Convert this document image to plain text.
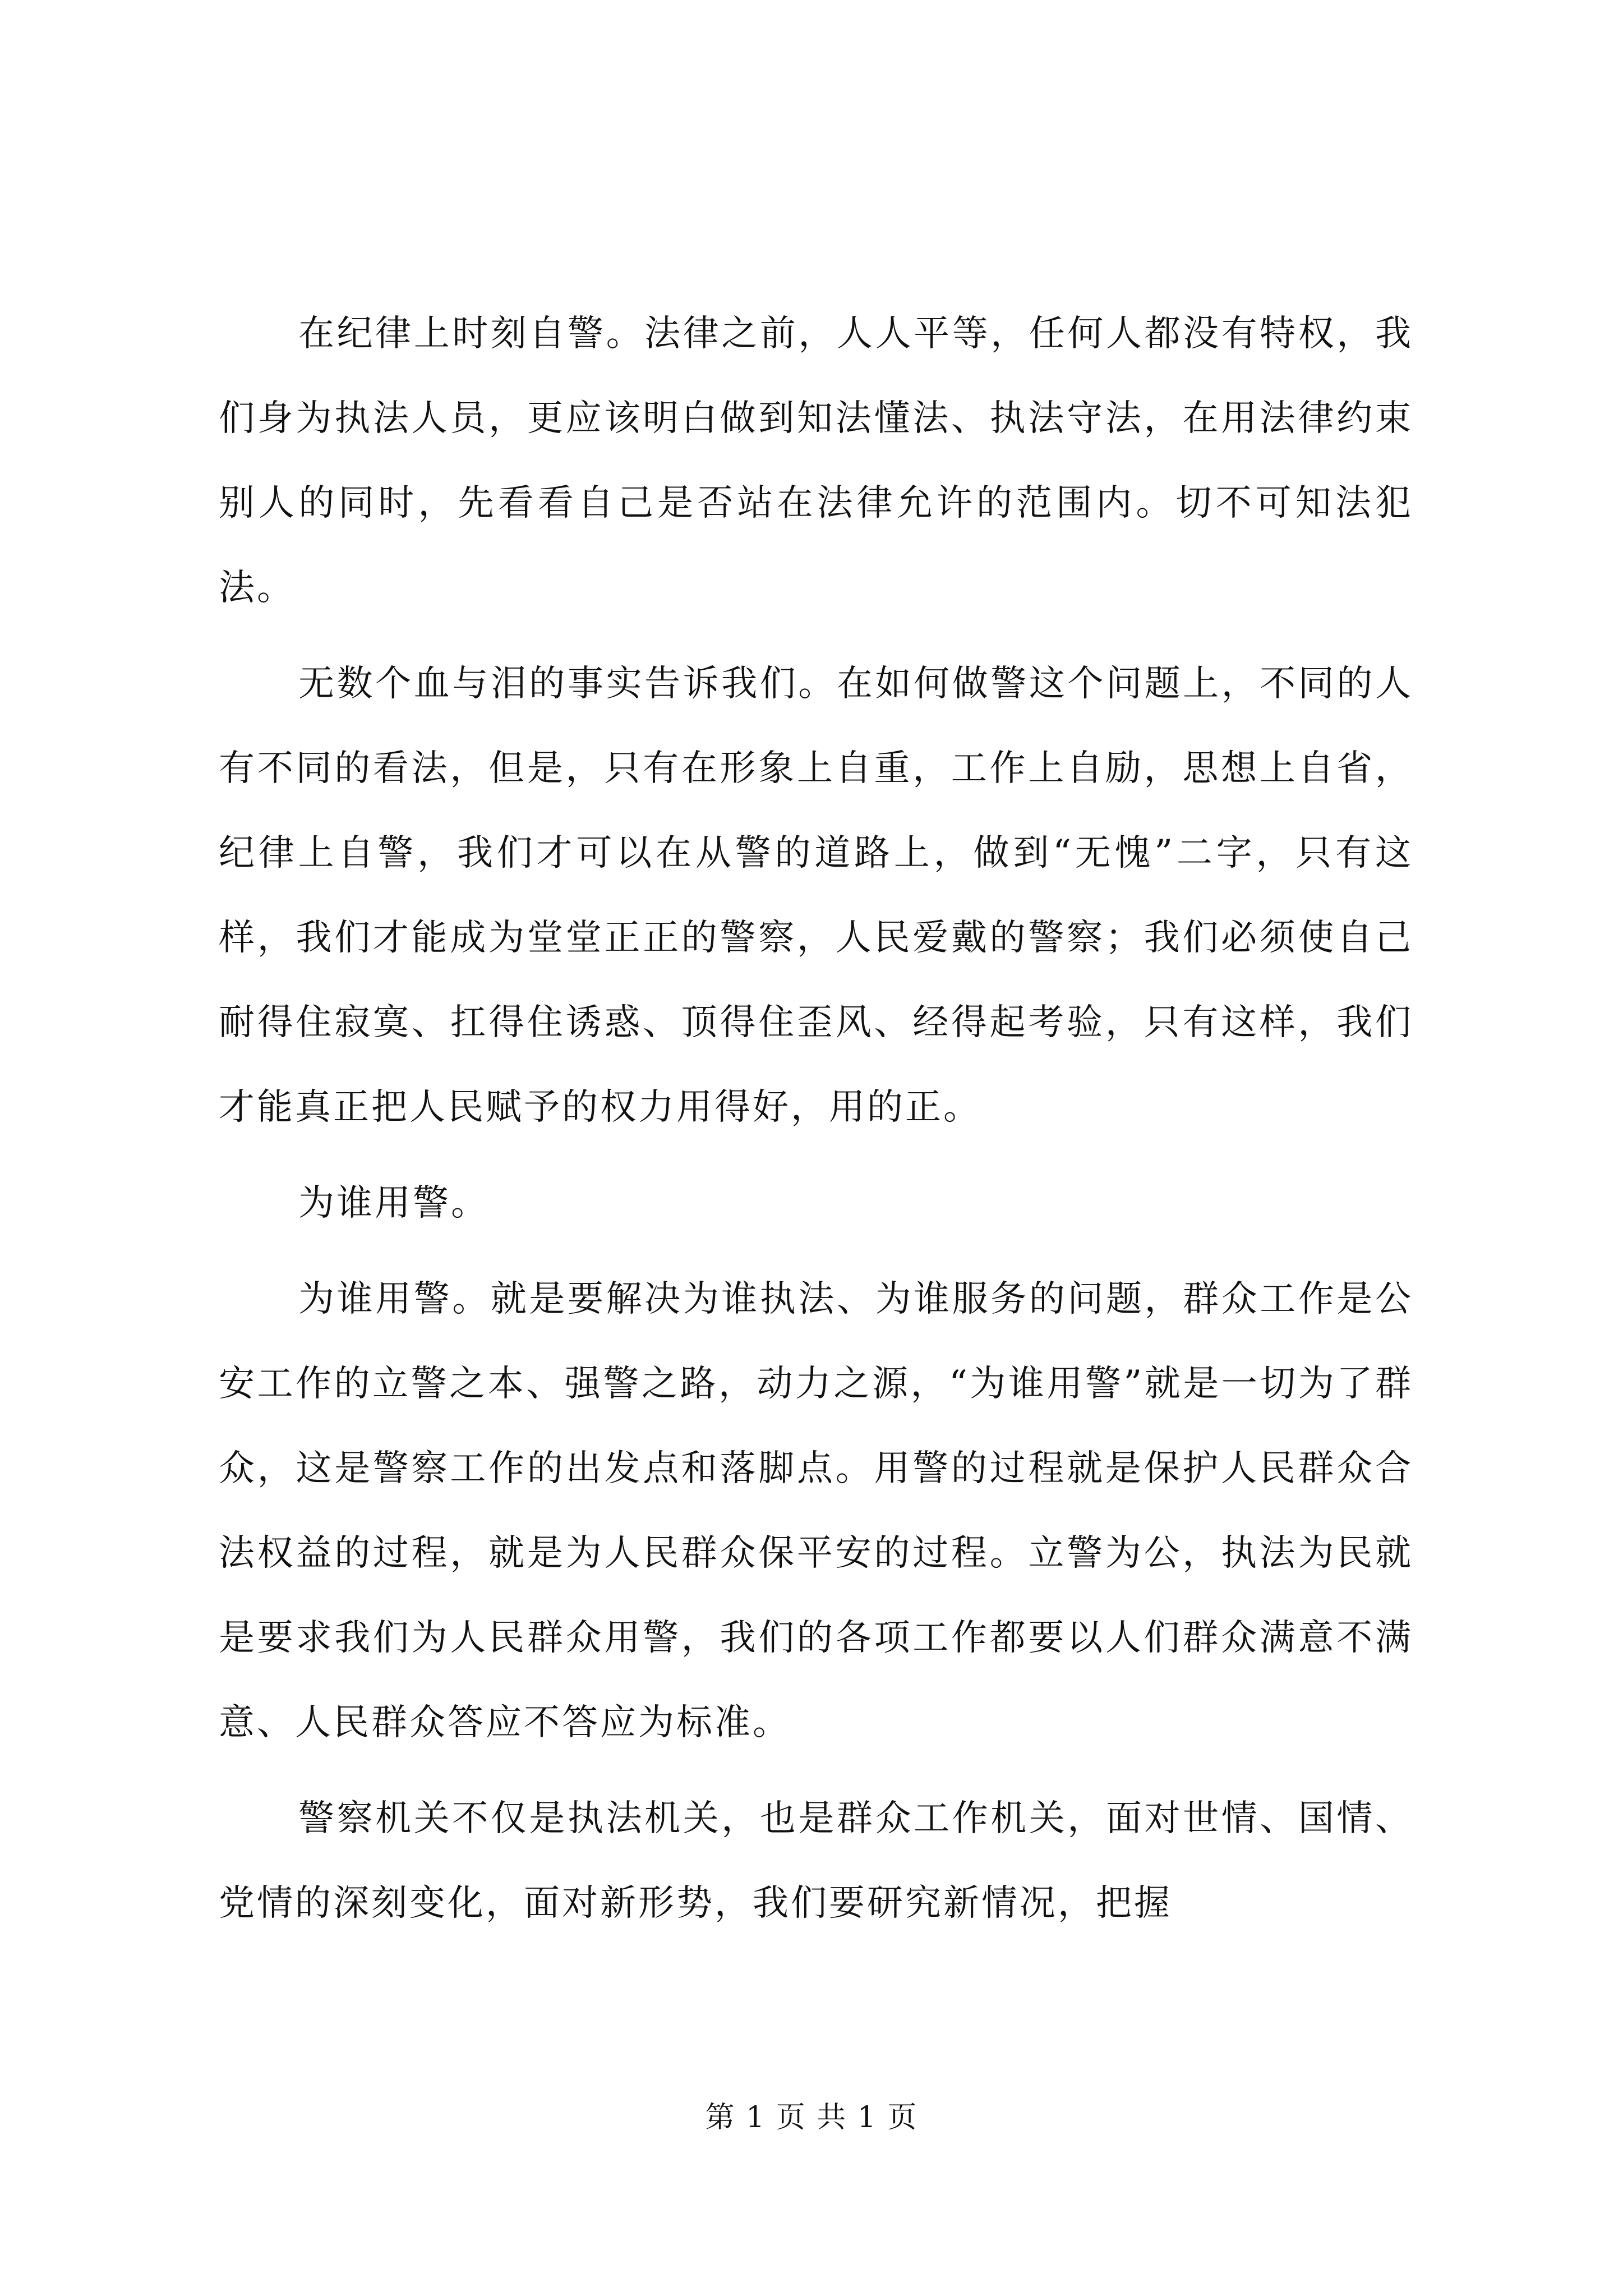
在纪律上时刻自警。法律之前，人人平等，任何人都没有特权，我们身为执法人员，更应该明白做到知法懂法、执法守法，在用法律约束别人的同时，先看看自己是否站在法律允许的范围内。切不可知法犯法。

无数个血与泪的事实告诉我们。在如何做警这个问题上，不同的人有不同的看法，但是，只有在形象上自重，工作上自励，思想上自省，纪律上自警，我们才可以在从警的道路上，做到“无愧”二字，只有这样，我们才能成为堂堂正正的警察，人民爱戴的警察；我们必须使自己耐得住寂寞、扛得住诱惑、顶得住歪风、经得起考验，只有这样，我们才能真正把人民赋予的权力用得好，用的正。

为谁用警。

为谁用警。就是要解决为谁执法、为谁服务的问题，群众工作是公安工作的立警之本、强警之路，动力之源，“为谁用警”就是一切为了群众，这是警察工作的出发点和落脚点。用警的过程就是保护人民群众合法权益的过程，就是为人民群众保平安的过程。立警为公，执法为民就是要求我们为人民群众用警，我们的各项工作都要以人们群众满意不满意、人民群众答应不答应为标准。

警察机关不仅是执法机关，也是群众工作机关，面对世情、国情、党情的深刻变化，面对新形势，我们要研究新情况，把握

第 1 页 共 1 页
